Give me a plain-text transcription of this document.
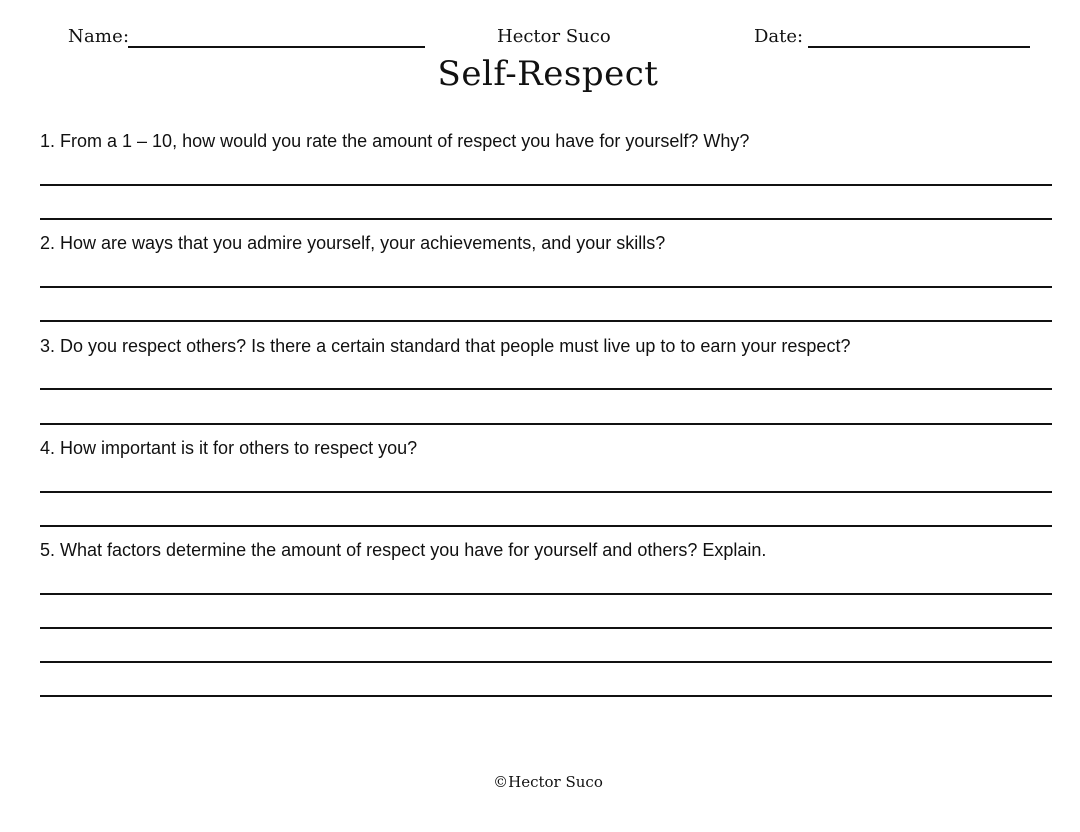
Name:	Hector Suco	Date:
Self-Respect
1. From a 1 – 10, how would you rate the amount of respect you have for yourself? Why?
2. How are ways that you admire yourself, your achievements, and your skills?
3. Do you respect others? Is there a certain standard that people must live up to to earn your respect?
4. How important is it for others to respect you?
5. What factors determine the amount of respect you have for yourself and others? Explain.
©Hector Suco
